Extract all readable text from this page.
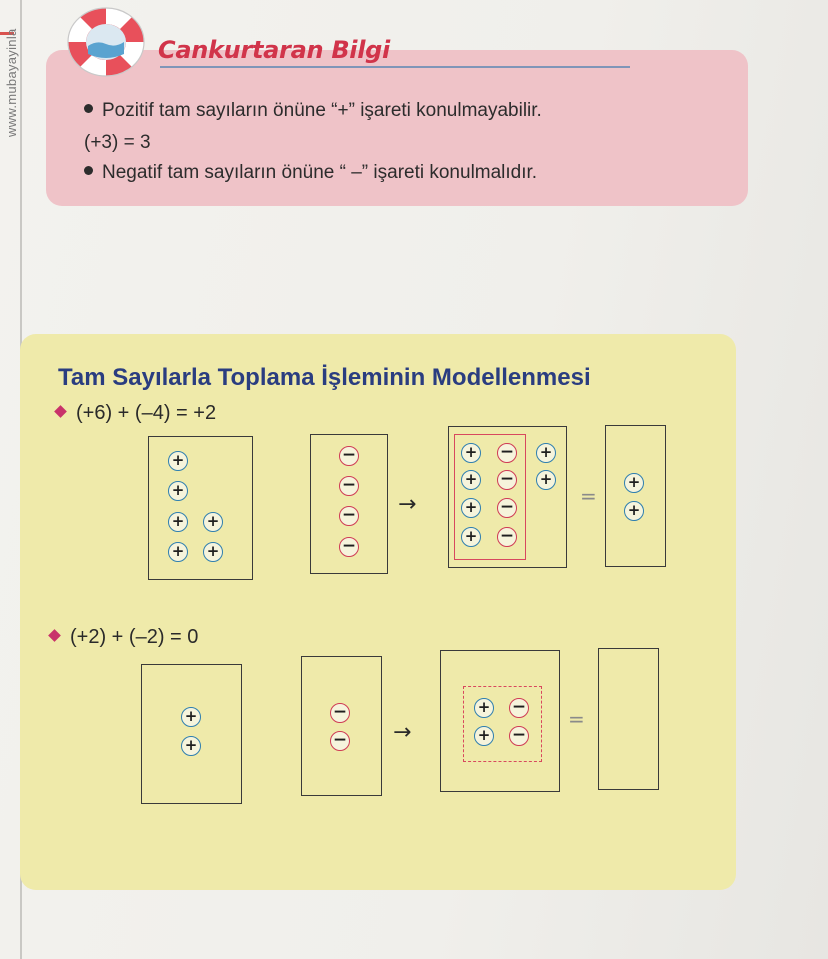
www.mubayayinla	Cankurtaran Bilgi
Pozitif tam sayıların önüne “+” işareti konulmayabilir.
(+3) = 3
Negatif tam sayıların önüne “ –” işareti konulmalıdır.
Tam Sayılarla Toplama İşleminin Modellenmesi
(+6) + (–4) = +2
→	=
(+2) + (–2) = 0
→
=
+
+
+
+
+
+
−
−
−
−
+ −
+ −
+ −
+ −
+
+	+
+
+
+
−
−
+ −
+ −
